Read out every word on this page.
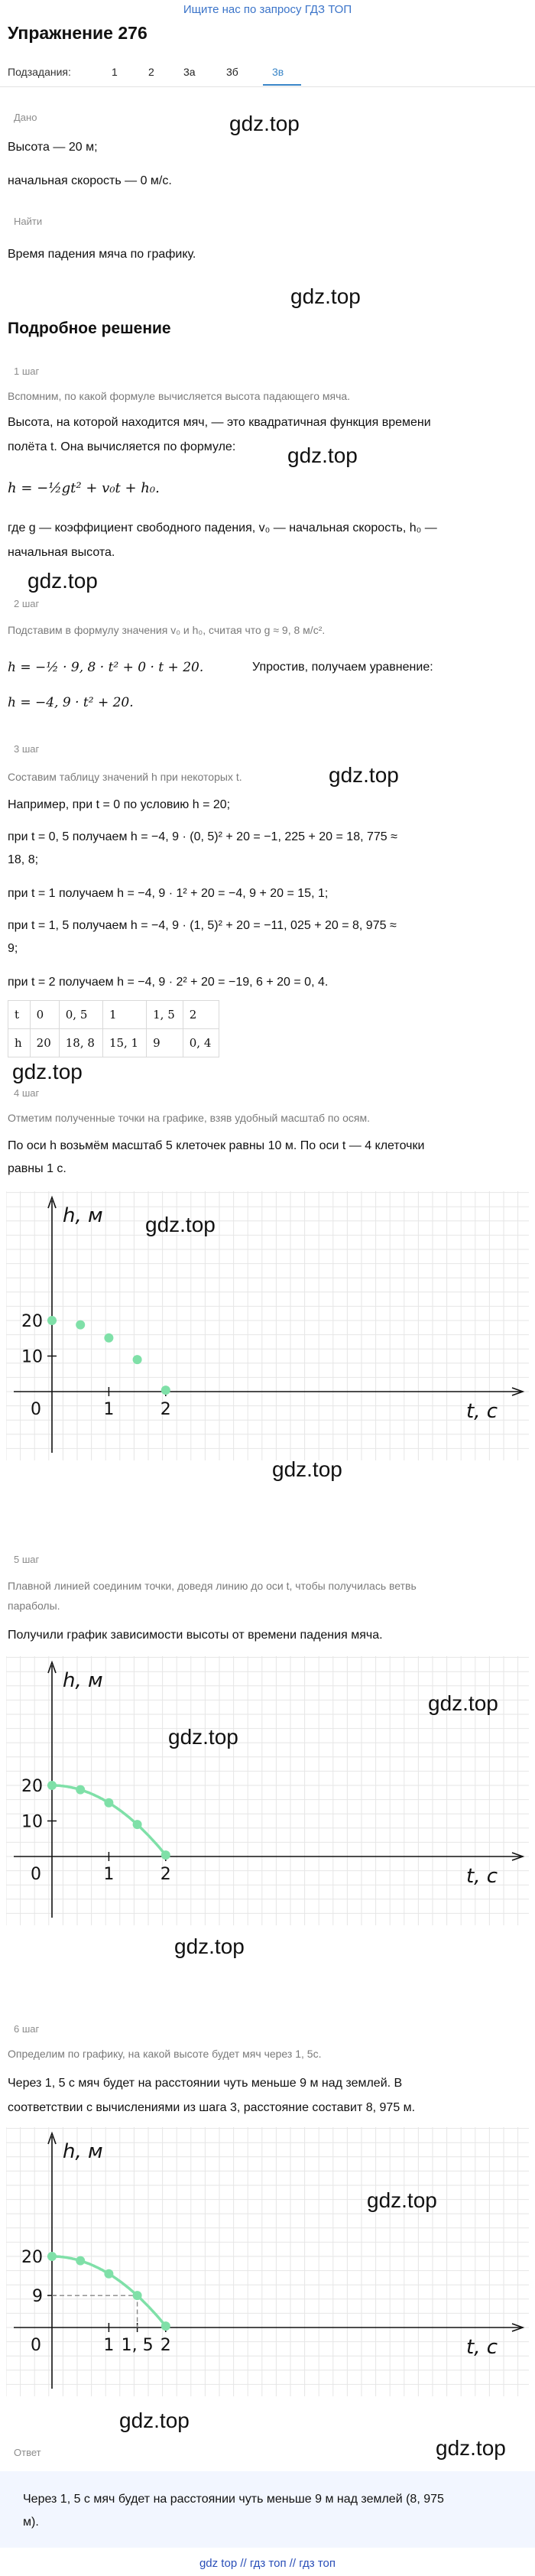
Ищите нас по запросу ГДЗ ТОП
Упражнение 276
Подзадания:	1	2	3а	3б	3в
Дано	gdz.top
Высота — 20 м;
начальная скорость — 0 м/с.
Найти
Время падения мяча по графику.
gdz.top
Подробное решение
1 шаг
Вспомним, по какой формуле вычисляется высота падающего мяча.
Высота, на которой находится мяч, — это квадратичная функция времени
полёта t. Она вычисляется по формуле: gdz.top
h = −½gt² + v₀t + h₀.
где g — коэффициент свободного падения, v₀ — начальная скорость, h₀ —
начальная высота.
gdz.top
2 шаг
Подставим в формулу значения v₀ и h₀, считая что g ≈ 9, 8 м/с².
h = −½ · 9, 8 · t² + 0 · t + 20.	Упростив, получаем уравнение:
h = −4, 9 · t² + 20.
3 шаг
gdz.top
Составим таблицу значений h при некоторых t.
Например, при t = 0 по условию h = 20;
при t = 0, 5 получаем h = −4, 9 · (0, 5)² + 20 = −1, 225 + 20 = 18, 775 ≈
18, 8;
при t = 1 получаем h = −4, 9 · 1² + 20 = −4, 9 + 20 = 15, 1;
при t = 1, 5 получаем h = −4, 9 · (1, 5)² + 20 = −11, 025 + 20 = 8, 975 ≈
9;
при t = 2 получаем h = −4, 9 · 2² + 20 = −19, 6 + 20 = 0, 4.
t	0	0, 5	1	1, 5	2
h	20	18, 8	15, 1	9	0, 4
gdz.top
4 шаг
Отметим полученные точки на графике, взяв удобный масштаб по осям.
По оси h возьмём масштаб 5 клеточек равны 10 м. По оси t — 4 клеточки
равны 1 с.
h, м
t, с
0
20
10
1	2
gdz.top
gdz.top
5 шаг
Плавной линией соединим точки, доведя линию до оси t, чтобы получилась ветвь
параболы.
Получили график зависимости высоты от времени падения мяча.
h, м
t, с
0
20
10
1	2
gdz.top
gdz.top
gdz.top
6 шаг
Определим по графику, на какой высоте будет мяч через 1, 5с.
Через 1, 5 с мяч будет на расстоянии чуть меньше 9 м над землей. В
соответствии с вычислениями из шага 3, расстояние составит 8, 975 м.
h, м
t, с
0
20
9
1 1, 5 2
gdz.top
gdz.top
gdz.top
Ответ
Через 1, 5 с мяч будет на расстоянии чуть меньше 9 м над землей (8, 975
м).
gdz top // гдз топ // гдз топ
